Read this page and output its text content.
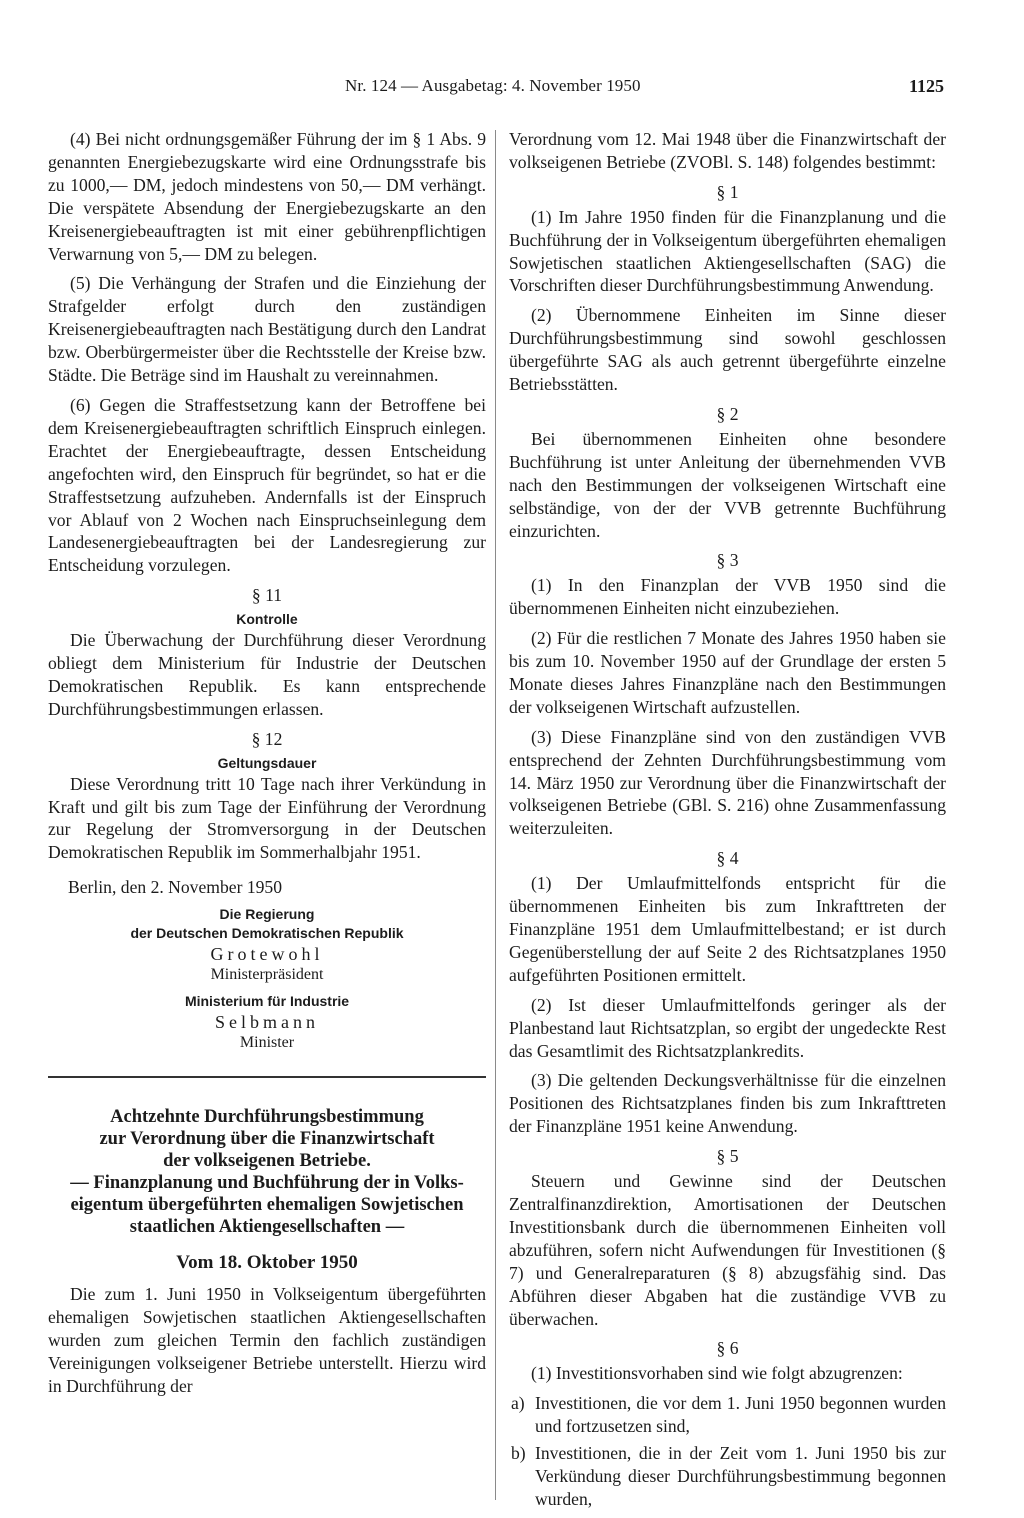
Nr. 124 — Ausgabetag: 4. November 1950	1125

(4) Bei nicht ordnungsgemäßer Führung der im § 1 Abs. 9 genannten Energiebezugskarte wird eine Ordnungsstrafe bis zu 1000,— DM, jedoch mindestens von 50,— DM verhängt. Die verspätete Absendung der Energiebezugskarte an den Kreisenergiebeauftragten ist mit einer gebührenpflichtigen Verwarnung von 5,— DM zu belegen.

(5) Die Verhängung der Strafen und die Einziehung der Strafgelder erfolgt durch den zuständigen Kreisenergiebeauftragten nach Bestätigung durch den Landrat bzw. Oberbürgermeister über die Rechtsstelle der Kreise bzw. Städte. Die Beträge sind im Haushalt zu vereinnahmen.

(6) Gegen die Straffestsetzung kann der Betroffene bei dem Kreisenergiebeauftragten schriftlich Einspruch einlegen. Erachtet der Energiebeauftragte, dessen Entscheidung angefochten wird, den Einspruch für begründet, so hat er die Straffestsetzung aufzuheben. Andernfalls ist der Einspruch vor Ablauf von 2 Wochen nach Einspruchseinlegung dem Landesenergiebeauftragten bei der Landesregierung zur Entscheidung vorzulegen.

§ 11
Kontrolle

Die Überwachung der Durchführung dieser Verordnung obliegt dem Ministerium für Industrie der Deutschen Demokratischen Republik. Es kann entsprechende Durchführungsbestimmungen erlassen.

§ 12
Geltungsdauer

Diese Verordnung tritt 10 Tage nach ihrer Verkündung in Kraft und gilt bis zum Tage der Einführung der Verordnung zur Regelung der Stromversorgung in der Deutschen Demokratischen Republik im Sommerhalbjahr 1951.

Berlin, den 2. November 1950
Die Regierung
der Deutschen Demokratischen Republik
Grotewohl
Ministerpräsident
Ministerium für Industrie
Selbmann
Minister
Achtzehnte Durchführungsbestimmung
zur Verordnung über die Finanzwirtschaft
der volkseigenen Betriebe.
— Finanzplanung und Buchführung der in Volks-
eigentum übergeführten ehemaligen Sowjetischen
staatlichen Aktiengesellschaften —
Vom 18. Oktober 1950

Die zum 1. Juni 1950 in Volkseigentum übergeführten ehemaligen Sowjetischen staatlichen Aktiengesellschaften wurden zum gleichen Termin den fachlich zuständigen Vereinigungen volkseigener Betriebe unterstellt. Hierzu wird in Durchführung der

Verordnung vom 12. Mai 1948 über die Finanzwirtschaft der volkseigenen Betriebe (ZVOBl. S. 148) folgendes bestimmt:

§ 1

(1) Im Jahre 1950 finden für die Finanzplanung und die Buchführung der in Volkseigentum übergeführten ehemaligen Sowjetischen staatlichen Aktiengesellschaften (SAG) die Vorschriften dieser Durchführungsbestimmung Anwendung.

(2) Übernommene Einheiten im Sinne dieser Durchführungsbestimmung sind sowohl geschlossen übergeführte SAG als auch getrennt übergeführte einzelne Betriebsstätten.

§ 2

Bei übernommenen Einheiten ohne besondere Buchführung ist unter Anleitung der übernehmenden VVB nach den Bestimmungen der volkseigenen Wirtschaft eine selbständige, von der der VVB getrennte Buchführung einzurichten.

§ 3

(1) In den Finanzplan der VVB 1950 sind die übernommenen Einheiten nicht einzubeziehen.

(2) Für die restlichen 7 Monate des Jahres 1950 haben sie bis zum 10. November 1950 auf der Grundlage der ersten 5 Monate dieses Jahres Finanzpläne nach den Bestimmungen der volkseigenen Wirtschaft aufzustellen.

(3) Diese Finanzpläne sind von den zuständigen VVB entsprechend der Zehnten Durchführungsbestimmung vom 14. März 1950 zur Verordnung über die Finanzwirtschaft der volkseigenen Betriebe (GBl. S. 216) ohne Zusammenfassung weiterzuleiten.

§ 4

(1) Der Umlaufmittelfonds entspricht für die übernommenen Einheiten bis zum Inkrafttreten der Finanzpläne 1951 dem Umlaufmittelbestand; er ist durch Gegenüberstellung der auf Seite 2 des Richtsatzplanes 1950 aufgeführten Positionen ermittelt.

(2) Ist dieser Umlaufmittelfonds geringer als der Planbestand laut Richtsatzplan, so ergibt der ungedeckte Rest das Gesamtlimit des Richtsatzplankredits.

(3) Die geltenden Deckungsverhältnisse für die einzelnen Positionen des Richtsatzplanes finden bis zum Inkrafttreten der Finanzpläne 1951 keine Anwendung.

§ 5

Steuern und Gewinne sind der Deutschen Zentralfinanzdirektion, Amortisationen der Deutschen Investitionsbank durch die übernommenen Einheiten voll abzuführen, sofern nicht Aufwendungen für Investitionen (§ 7) und Generalreparaturen (§ 8) abzugsfähig sind. Das Abführen dieser Abgaben hat die zuständige VVB zu überwachen.

§ 6

(1) Investitionsvorhaben sind wie folgt abzugrenzen:

a) Investitionen, die vor dem 1. Juni 1950 begonnen wurden und fortzusetzen sind,
b) Investitionen, die in der Zeit vom 1. Juni 1950 bis zur Verkündung dieser Durchführungsbestimmung begonnen wurden,
